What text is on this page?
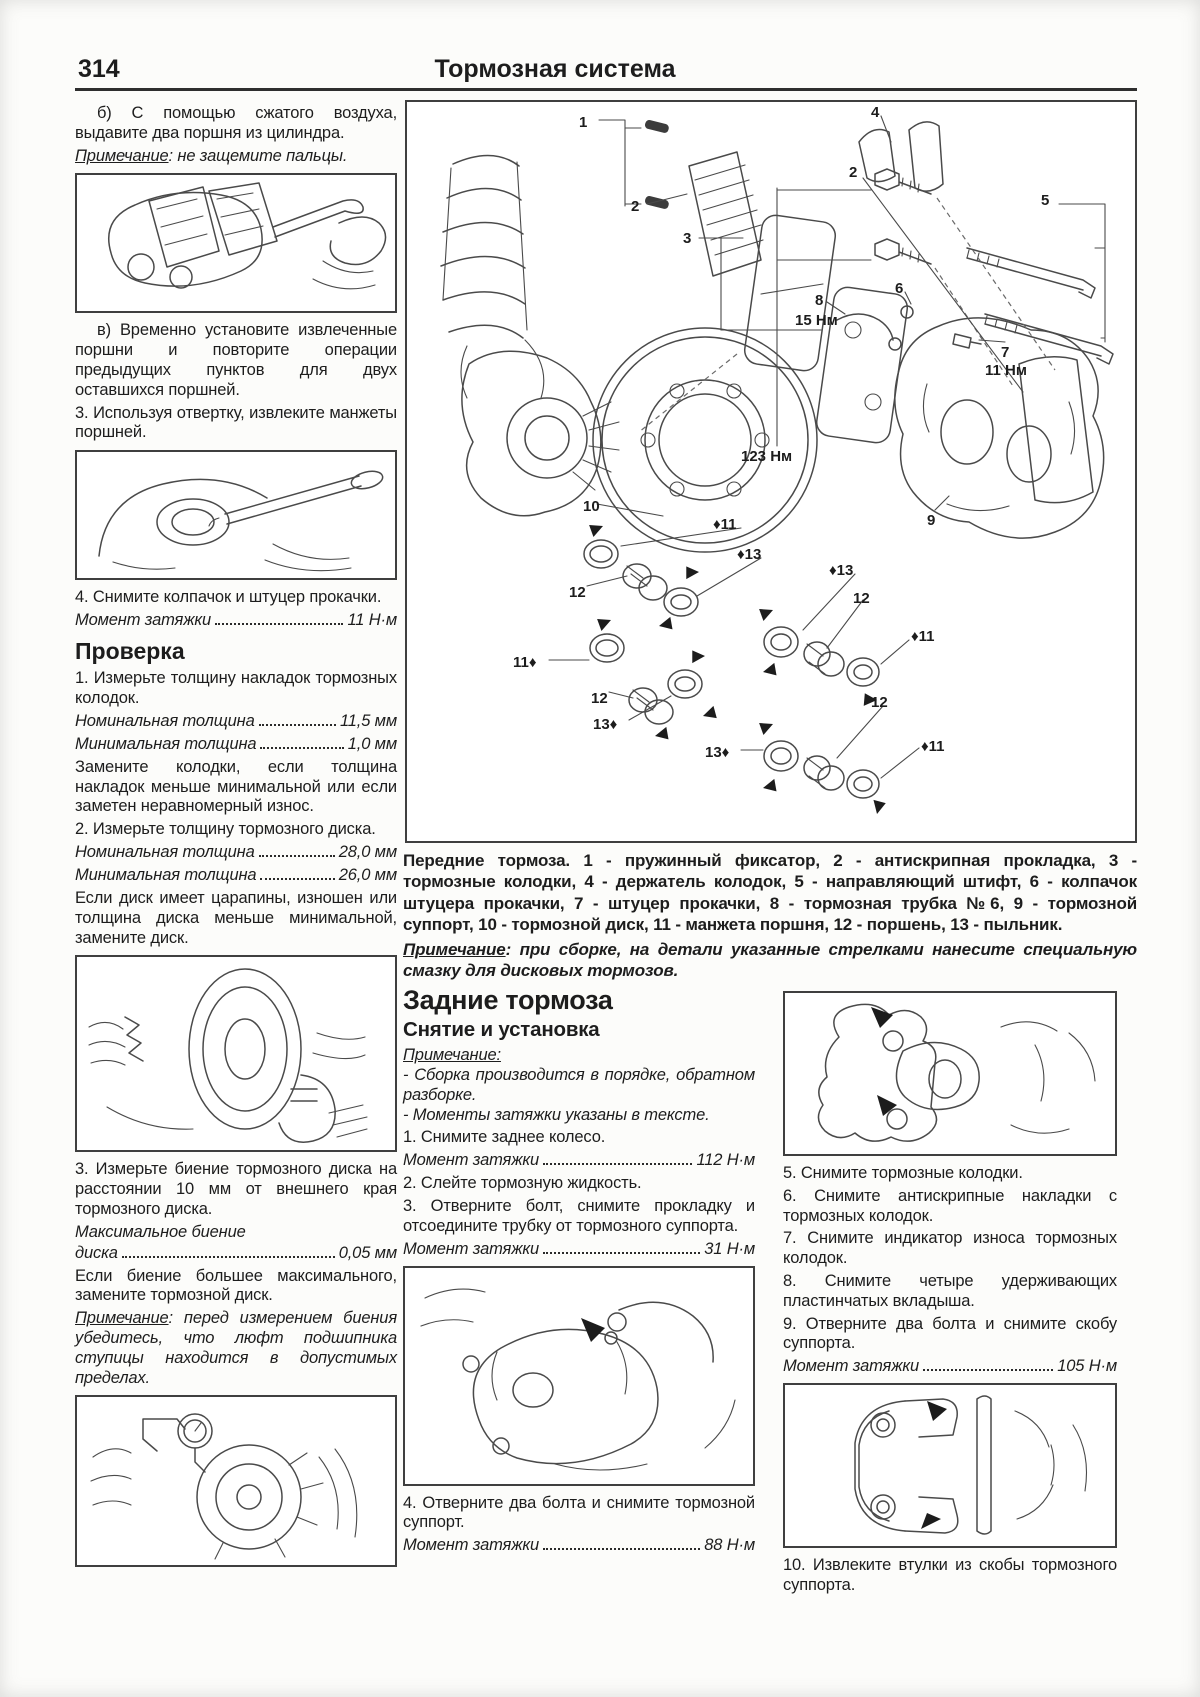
314	Тормозная система

б) С помощью сжатого воздуха, выдавите два поршня из цилиндра.

Примечание: не защемите пальцы.

в) Временно установите извлеченные поршни и повторите операции предыдущих пунктов для двух оставшихся поршней.

3. Используя отвертку, извлеките манжеты поршней.

4. Снимите колпачок и штуцер прокачки.

Момент затяжки	11 Н·м
Проверка

1. Измерьте толщину накладок тормозных колодок.

Номинальная толщина	11,5 мм
Минимальная толщина	1,0 мм

Замените колодки, если толщина накладок меньше минимальной или если заметен неравномерный износ.

2. Измерьте толщину тормозного диска.

Номинальная толщина	28,0 мм
Минимальная толщина	26,0 мм

Если диск имеет царапины, изношен или толщина диска меньше минимальной, замените диск.

3. Измерьте биение тормозного диска на расстоянии 10 мм от внешнего края тормозного диска.

Максимальное биение

диска	0,05 мм

Если биение большее максимального, замените тормозной диск.

Примечание: перед измерением биения убедитесь, что люфт подшипника ступицы находится в допустимых пределах.

1
2
3
4
2
5
6
8
15 Нм
7
11 Нм
123 Нм
10
9
♦11
♦13
12
11♦
12
13♦
♦13
12
♦11
12
♦11
13♦

Передние тормоза. 1 - пружинный фиксатор, 2 - антискрипная прокладка, 3 - тормозные колодки, 4 - держатель колодок, 5 - направляющий штифт, 6 - колпачок штуцера прокачки, 7 - штуцер прокачки, 8 - тормозная трубка №6, 9 - тормозной суппорт, 10 - тормозной диск, 11 - манжета поршня, 12 - поршень, 13 - пыльник.

Примечание: при сборке, на детали указанные стрелками нанесите специальную смазку для дисковых тормозов.

Задние тормоза
Снятие и установка

Примечание:

- Сборка производится в порядке, обратном разборке.

- Моменты затяжки указаны в тексте.

1. Снимите заднее колесо.

Момент затяжки	112 Н·м

2. Слейте тормозную жидкость.

3. Отверните болт, снимите прокладку и отсоедините трубку от тормозного суппорта.

Момент затяжки	31 Н·м

4. Отверните два болта и снимите тормозной суппорт.

Момент затяжки	88 Н·м

5. Снимите тормозные колодки.

6. Снимите антискрипные накладки с тормозных колодок.

7. Снимите индикатор износа тормозных колодок.

8. Снимите четыре удерживающих пластинчатых вкладыша.

9. Отверните два болта и снимите скобу суппорта.

Момент затяжки	105 Н·м

10. Извлеките втулки из скобы тормозного суппорта.
